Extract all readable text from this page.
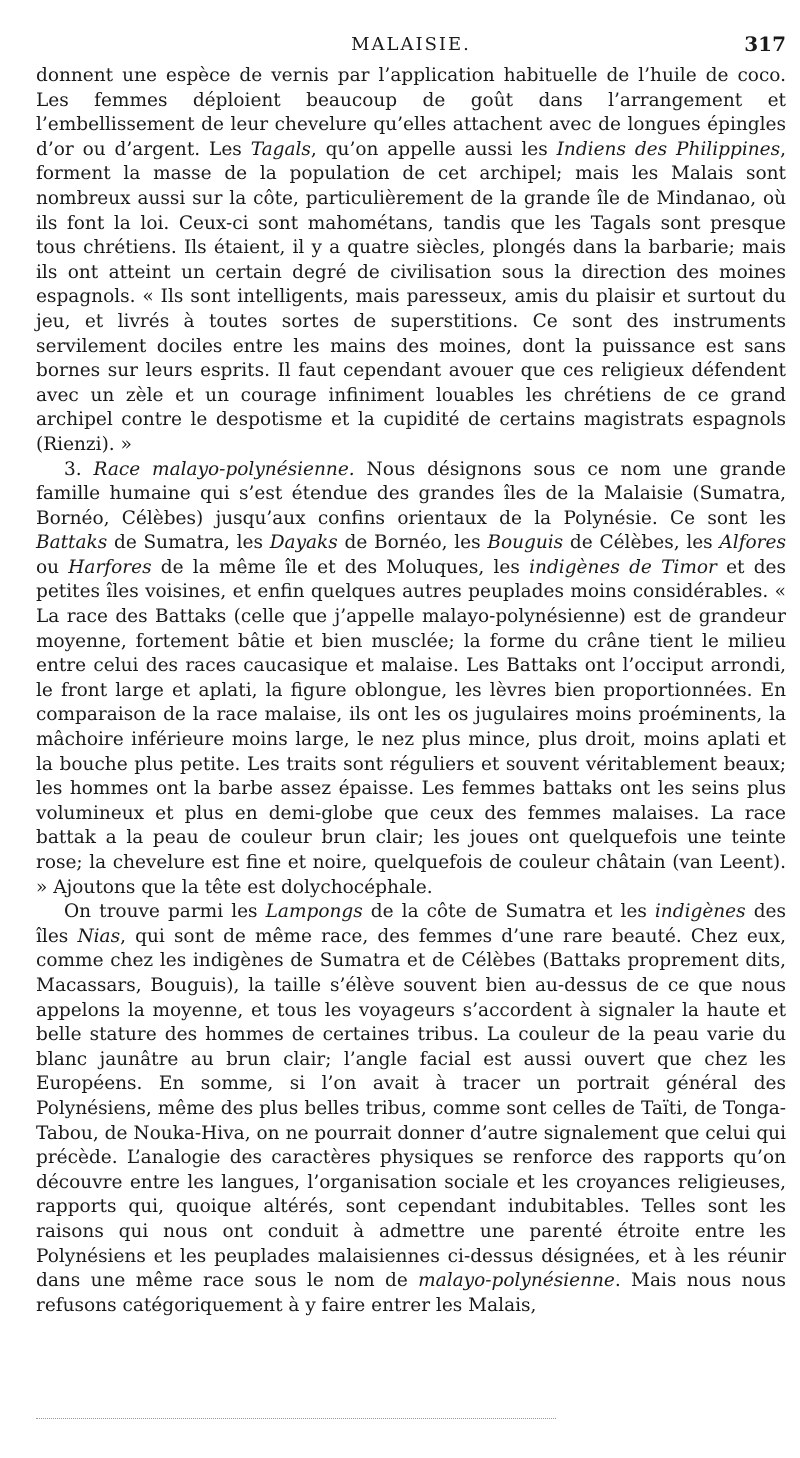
MALAISIE.	317

donnent une espèce de vernis par l’application habituelle de l’huile de coco. Les femmes déploient beaucoup de goût dans l’arrangement et l’embellissement de leur chevelure qu’elles attachent avec de longues épingles d’or ou d’argent. Les Tagals, qu’on appelle aussi les Indiens des Philippines, forment la masse de la population de cet archipel; mais les Malais sont nombreux aussi sur la côte, particulièrement de la grande île de Mindanao, où ils font la loi. Ceux-ci sont mahométans, tandis que les Tagals sont presque tous chrétiens. Ils étaient, il y a quatre siècles, plongés dans la barbarie; mais ils ont atteint un certain degré de civilisation sous la direction des moines espagnols. « Ils sont intelligents, mais paresseux, amis du plaisir et surtout du jeu, et livrés à toutes sortes de superstitions. Ce sont des instruments servilement dociles entre les mains des moines, dont la puissance est sans bornes sur leurs esprits. Il faut cependant avouer que ces religieux défendent avec un zèle et un courage infiniment louables les chrétiens de ce grand archipel contre le despotisme et la cupidité de certains magistrats espagnols (Rienzi). »

3. Race malayo-polynésienne. Nous désignons sous ce nom une grande famille humaine qui s’est étendue des grandes îles de la Malaisie (Sumatra, Bornéo, Célèbes) jusqu’aux confins orientaux de la Polynésie. Ce sont les Battaks de Sumatra, les Dayaks de Bornéo, les Bouguis de Célèbes, les Alfores ou Harfores de la même île et des Moluques, les indigènes de Timor et des petites îles voisines, et enfin quelques autres peuplades moins considérables. « La race des Battaks (celle que j’appelle malayo-polynésienne) est de grandeur moyenne, fortement bâtie et bien musclée; la forme du crâne tient le milieu entre celui des races caucasique et malaise. Les Battaks ont l’occiput arrondi, le front large et aplati, la figure oblongue, les lèvres bien proportionnées. En comparaison de la race malaise, ils ont les os jugulaires moins proéminents, la mâchoire inférieure moins large, le nez plus mince, plus droit, moins aplati et la bouche plus petite. Les traits sont réguliers et souvent véritablement beaux; les hommes ont la barbe assez épaisse. Les femmes battaks ont les seins plus volumineux et plus en demi-globe que ceux des femmes malaises. La race battak a la peau de couleur brun clair; les joues ont quelquefois une teinte rose; la chevelure est fine et noire, quelquefois de couleur châtain (van Leent). » Ajoutons que la tête est dolychocéphale.

On trouve parmi les Lampongs de la côte de Sumatra et les indigènes des îles Nias, qui sont de même race, des femmes d’une rare beauté. Chez eux, comme chez les indigènes de Sumatra et de Célèbes (Battaks proprement dits, Macassars, Bouguis), la taille s’élève souvent bien au-dessus de ce que nous appelons la moyenne, et tous les voyageurs s’accordent à signaler la haute et belle stature des hommes de certaines tribus. La couleur de la peau varie du blanc jaunâtre au brun clair; l’angle facial est aussi ouvert que chez les Européens. En somme, si l’on avait à tracer un portrait général des Polynésiens, même des plus belles tribus, comme sont celles de Taïti, de Tonga-Tabou, de Nouka-Hiva, on ne pourrait donner d’autre signalement que celui qui précède. L’analogie des caractères physiques se renforce des rapports qu’on découvre entre les langues, l’organisation sociale et les croyances religieuses, rapports qui, quoique altérés, sont cependant indubitables. Telles sont les raisons qui nous ont conduit à admettre une parenté étroite entre les Polynésiens et les peuplades malaisiennes ci-dessus désignées, et à les réunir dans une même race sous le nom de malayo-polynésienne. Mais nous nous refusons catégoriquement à y faire entrer les Malais,
